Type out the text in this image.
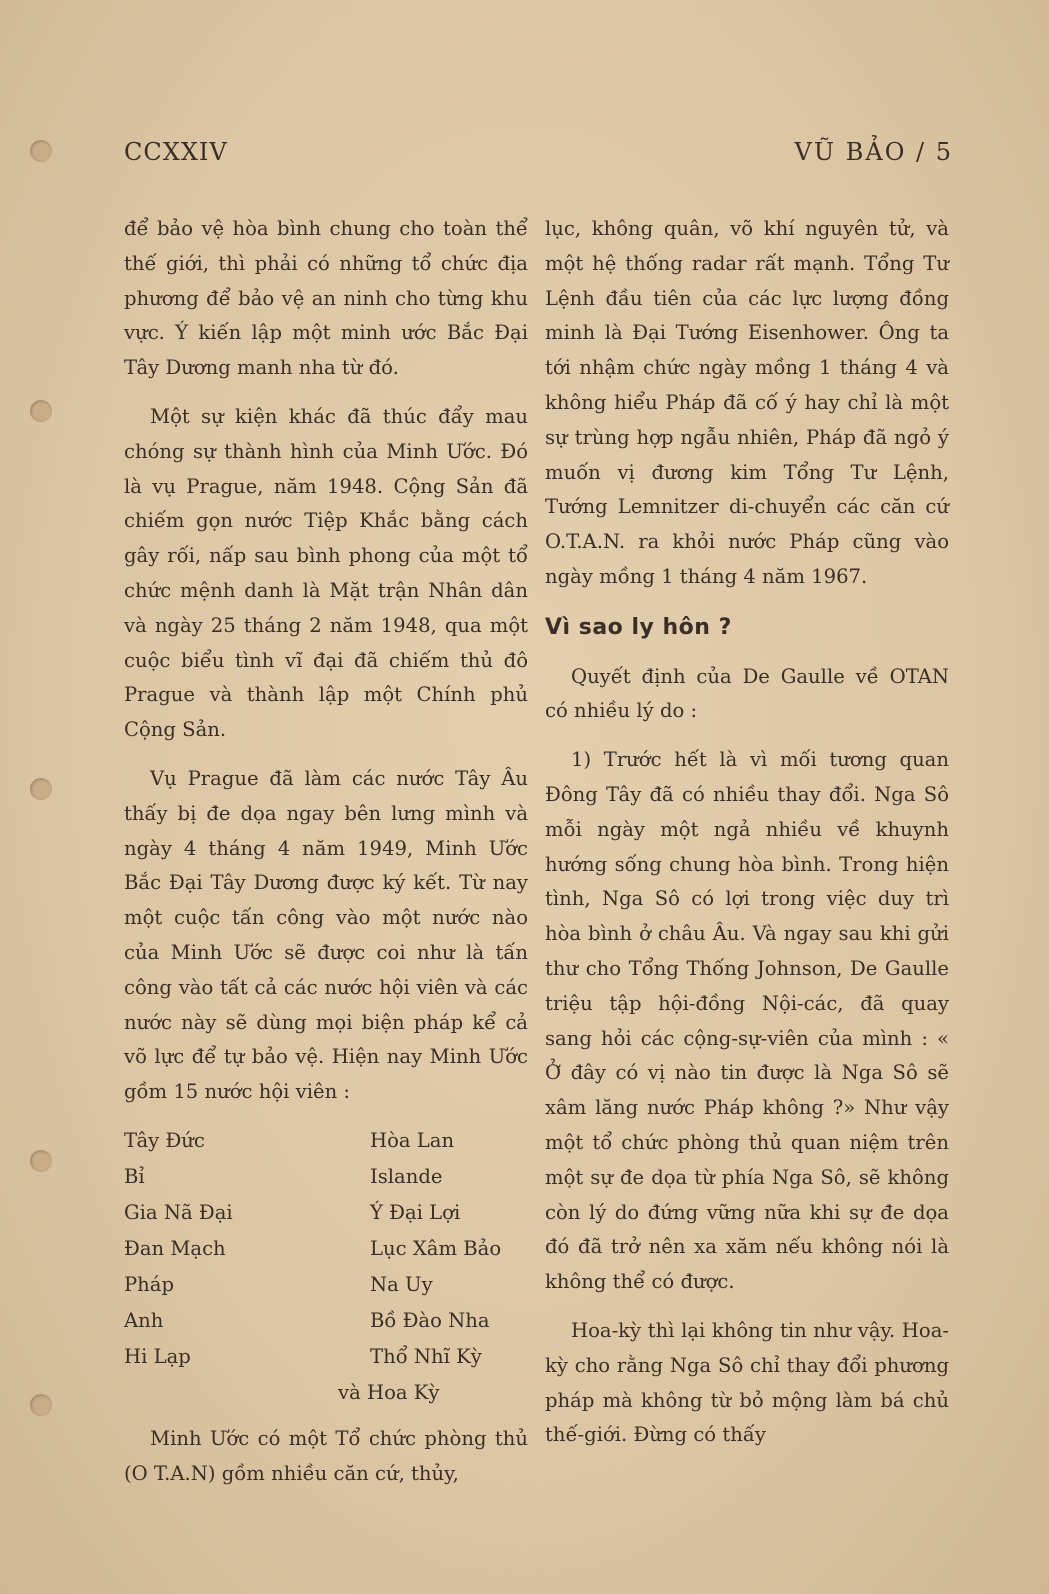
CCXXIV	VŨ BẢO / 5

để bảo vệ hòa bình chung cho toàn thể thế giới, thì phải có những tổ chức địa phương để bảo vệ an ninh cho từng khu vực. Ý kiến lập một minh ước Bắc Đại Tây Dương manh nha từ đó.

Một sự kiện khác đã thúc đẩy mau chóng sự thành hình của Minh Ước. Đó là vụ Prague, năm 1948. Cộng Sản đã chiếm gọn nước Tiệp Khắc bằng cách gây rối, nấp sau bình phong của một tổ chức mệnh danh là Mặt trận Nhân dân và ngày 25 tháng 2 năm 1948, qua một cuộc biểu tình vĩ đại đã chiếm thủ đô Prague và thành lập một Chính phủ Cộng Sản.

Vụ Prague đã làm các nước Tây Âu thấy bị đe dọa ngay bên lưng mình và ngày 4 tháng 4 năm 1949, Minh Ước Bắc Đại Tây Dương được ký kết. Từ nay một cuộc tấn công vào một nước nào của Minh Ước sẽ được coi như là tấn công vào tất cả các nước hội viên và các nước này sẽ dùng mọi biện pháp kể cả võ lực để tự bảo vệ. Hiện nay Minh Ước gồm 15 nước hội viên :

Tây Đức	Hòa Lan
Bỉ	Islande
Gia Nã Đại	Ý Đại Lợi
Đan Mạch	Lục Xâm Bảo
Pháp	Na Uy
Anh	Bồ Đào Nha
Hi Lạp	Thổ Nhĩ Kỳ
và Hoa Kỳ

Minh Ước có một Tổ chức phòng thủ (O T.A.N) gồm nhiều căn cứ, thủy,

lục, không quân, võ khí nguyên tử, và một hệ thống radar rất mạnh. Tổng Tư Lệnh đầu tiên của các lực lượng đồng minh là Đại Tướng Eisenhower. Ông ta tới nhậm chức ngày mồng 1 tháng 4 và không hiểu Pháp đã cố ý hay chỉ là một sự trùng hợp ngẫu nhiên, Pháp đã ngỏ ý muốn vị đương kim Tổng Tư Lệnh, Tướng Lemnitzer di-chuyển các căn cứ O.T.A.N. ra khỏi nước Pháp cũng vào ngày mồng 1 tháng 4 năm 1967.

Vì sao ly hôn ?

Quyết định của De Gaulle về OTAN có nhiều lý do :

1) Trước hết là vì mối tương quan Đông Tây đã có nhiều thay đổi. Nga Sô mỗi ngày một ngả nhiều về khuynh hướng sống chung hòa bình. Trong hiện tình, Nga Sô có lợi trong việc duy trì hòa bình ở châu Âu. Và ngay sau khi gửi thư cho Tổng Thống Johnson, De Gaulle triệu tập hội-đồng Nội-các, đã quay sang hỏi các cộng-sự-viên của mình : « Ở đây có vị nào tin được là Nga Sô sẽ xâm lăng nước Pháp không ?» Như vậy một tổ chức phòng thủ quan niệm trên một sự đe dọa từ phía Nga Sô, sẽ không còn lý do đứng vững nữa khi sự đe dọa đó đã trở nên xa xăm nếu không nói là không thể có được.

Hoa-kỳ thì lại không tin như vậy. Hoa-kỳ cho rằng Nga Sô chỉ thay đổi phương pháp mà không từ bỏ mộng làm bá chủ thế-giới. Đừng có thấy
